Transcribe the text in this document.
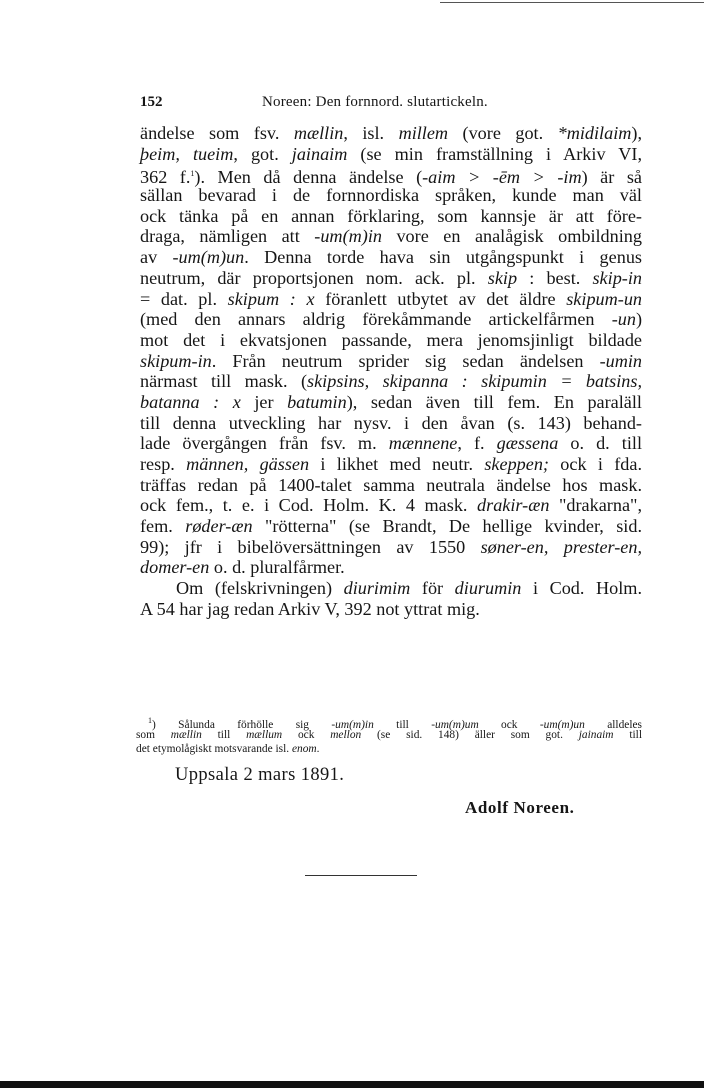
152	Noreen: Den fornnord. slutartickeln.
ändelse som fsv. mællin, isl. millem (vore got. *midilaim),
þeim, tueim, got. jainaim (se min framställning i Arkiv VI,
362 f.$^1$). Men då denna ändelse (-aim > -ēm > -im) är så
sällan bevarad i de fornnordiska språken, kunde man väl
ock tänka på en annan förklaring, som kannsje är att före-
draga, nämligen att -um(m)in vore en analågisk ombildning
av -um(m)un. Denna torde hava sin utgångspunkt i genus
neutrum, där proportsjonen nom. ack. pl. skip : best. skip-in
= dat. pl. skipum : x föranlett utbytet av det äldre skipum-un
(med den annars aldrig förekåmmande artickelfårmen -un)
mot det i ekvatsjonen passande, mera jenomsjinligt bildade
skipum-in. Från neutrum sprider sig sedan ändelsen -umin
närmast till mask. (skipsins, skipanna : skipumin = batsins,
batanna : x jer batumin), sedan även till fem. En paraläll
till denna utveckling har nysv. i den åvan (s. 143) behand-
lade övergången från fsv. m. mænnene, f. gæssena o. d. till
resp. männen, gässen i likhet med neutr. skeppen; ock i fda.
träffas redan på 1400-talet samma neutrala ändelse hos mask.
ock fem., t. e. i Cod. Holm. K. 4 mask. drakir-æn "drakarna",
fem. røder-æn "rötterna" (se Brandt, De hellige kvinder, sid.
99); jfr i bibelöversättningen av 1550 søner-en, prester-en,
domer-en o. d. pluralfårmer.
Om (felskrivningen) diurimim för diurumin i Cod. Holm.
A 54 har jag redan Arkiv V, 392 not yttrat mig.
$^1$) Sålunda förhölle sig -um(m)in till -um(m)um ock -um(m)un alldeles
som mællin till mællum ock mellon (se sid. 148) äller som got. jainaim till
det etymolågiskt motsvarande isl. enom.
Uppsala 2 mars 1891.
Adolf Noreen.
